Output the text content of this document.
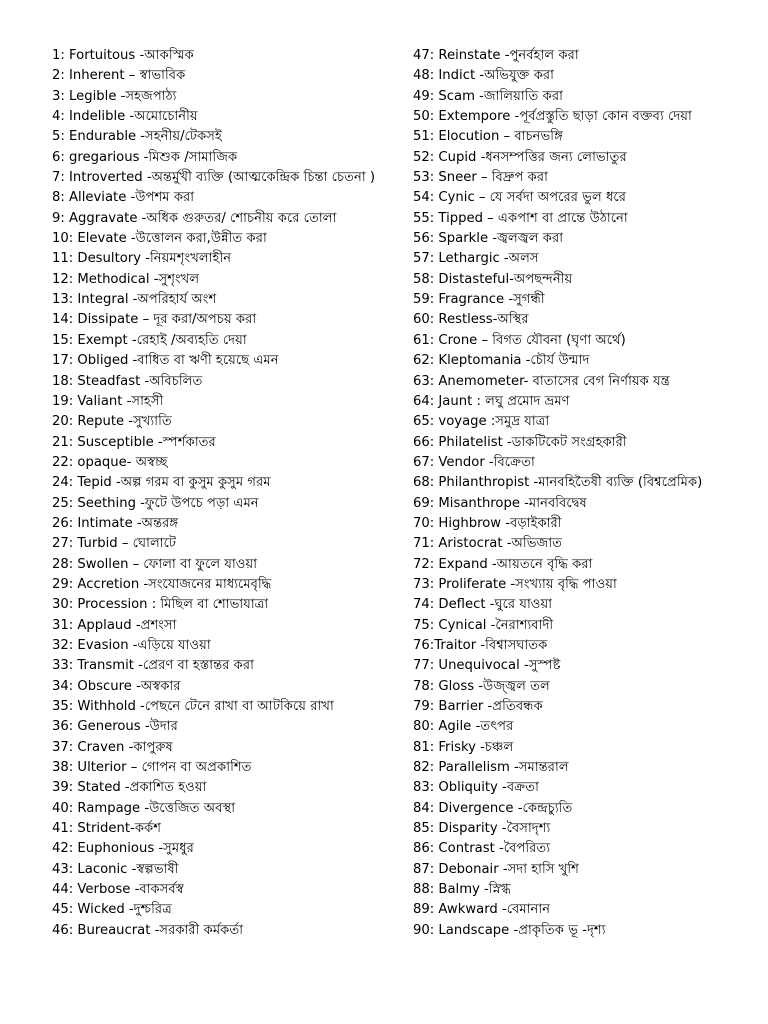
1: Fortuitous -আকস্মিক
2: Inherent – স্বাভাবিক
3: Legible -সহজপাঠ্য
4: Indelible -অমোচোনীয়
5: Endurable -সহনীয়/টেকসই
6: gregarious -মিশুক /সামাজিক
7: Introverted -অন্তর্মুখী ব্যক্তি (আত্মকেন্দ্রিক চিন্তা চেতনা )
8: Alleviate -উপশম করা
9: Aggravate -অধিক গুরুতর/ শোচনীয় করে তোলা
10: Elevate -উত্তোলন করা,উন্নীত করা
11: Desultory -নিয়মশৃংখলাহীন
12: Methodical -সুশৃংখল
13: Integral -অপরিহার্য অংশ
14: Dissipate – দূর করা/অপচয় করা
15: Exempt -রেহাই /অব্যহতি দেয়া
17: Obliged -বাধিত বা ঋণী হয়েছে এমন
18: Steadfast -অবিচলিত
19: Valiant -সাহসী
20: Repute -সুখ্যাতি
21: Susceptible -স্পর্শকাতর
22: opaque- অস্বচ্ছ
24: Tepid -অল্প গরম বা কুসুম কুসুম গরম
25: Seething -ফুটে উপচে পড়া এমন
26: Intimate -অন্তরঙ্গ
27: Turbid – ঘোলাটে
28: Swollen – ফোলা বা ফুলে যাওয়া
29: Accretion -সংযোজনের মাধ্যমেবৃদ্ধি
30: Procession : মিছিল বা শোভাযাত্রা
31: Applaud -প্রশংসা
32: Evasion -এড়িয়ে যাওয়া
33: Transmit -প্রেরণ বা হস্তান্তর করা
34: Obscure -অস্বকার
35: Withhold -পেছনে টেনে রাখা বা আটকিয়ে রাখা
36: Generous -উদার
37: Craven -কাপুরুষ
38: Ulterior – গোপন বা অপ্রকাশিত
39: Stated -প্রকাশিত হওয়া
40: Rampage -উত্তেজিত অবস্থা
41: Strident-কর্কশ
42: Euphonious -সুমধুর
43: Laconic -স্বল্পভাষী
44: Verbose -বাকসর্বস্ব
45: Wicked -দুশ্চরিত্র
46: Bureaucrat -সরকারী কর্মকর্তা
47: Reinstate -পুনর্বহাল করা
48: Indict -অভিযুক্ত করা
49: Scam -জালিয়াতি করা
50: Extempore -পূর্বপ্রস্তুতি ছাড়া কোন বক্তব্য দেয়া
51: Elocution – বাচনভঙ্গি
52: Cupid -ধনসম্পত্তির জন্য লোভাতুর
53: Sneer – বিদ্রুপ করা
54: Cynic – যে সর্বদা অপরের ভুল ধরে
55: Tipped – একপাশ বা প্রান্তে উঠানো
56: Sparkle -জ্বলজ্বল করা
57: Lethargic -অলস
58: Distasteful-অপছন্দনীয়
59: Fragrance -সুগন্ধী
60: Restless-অস্থির
61: Crone – বিগত যৌবনা (ঘৃণা অর্থে)
62: Kleptomania -চৌর্য উন্মাদ
63: Anemometer- বাতাসের বেগ নির্ণায়ক যন্ত্র
64: Jaunt : লঘু প্রমোদ ভ্রমণ
65: voyage :সমুদ্র যাত্রা
66: Philatelist -ডাকটিকেট সংগ্রহকারী
67: Vendor -বিক্রেতা
68: Philanthropist -মানবহিতৈষী ব্যক্তি (বিশ্বপ্রেমিক)
69: Misanthrope -মানববিদ্বেষ
70: Highbrow -বড়াইকারী
71: Aristocrat -অভিজাত
72: Expand -আয়তনে বৃদ্ধি করা
73: Proliferate -সংখ্যায় বৃদ্ধি পাওয়া
74: Deflect -ঘুরে যাওয়া
75: Cynical -নৈরাশ্যবাদী
76:Traitor -বিশ্বাসঘাতক
77: Unequivocal -সুস্পষ্ট
78: Gloss -উজ্জ্বল তল
79: Barrier -প্রতিবন্ধক
80: Agile -তৎপর
81: Frisky -চঞ্চল
82: Parallelism -সমান্তরাল
83: Obliquity -বক্রতা
84: Divergence -কেন্দ্রচ্যুতি
85: Disparity -বৈসাদৃশ্য
86: Contrast -বৈপরিত্য
87: Debonair -সদা হাসি খুশি
88: Balmy -স্নিগ্ধ
89: Awkward -বেমানান
90: Landscape -প্রাকৃতিক ভূ -দৃশ্য
